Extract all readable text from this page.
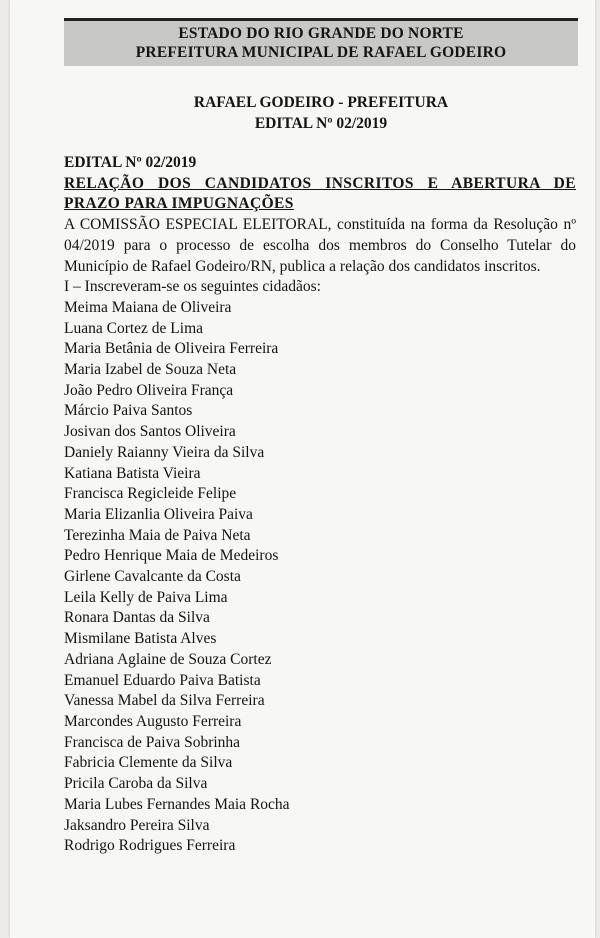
ESTADO DO RIO GRANDE DO NORTE
PREFEITURA MUNICIPAL DE RAFAEL GODEIRO
RAFAEL GODEIRO - PREFEITURA
EDITAL Nº 02/2019
EDITAL Nº 02/2019
RELAÇÃO DOS CANDIDATOS INSCRITOS E ABERTURA DE PRAZO PARA IMPUGNAÇÕES

A COMISSÃO ESPECIAL ELEITORAL, constituída na forma da Resolução nº 04/2019 para o processo de escolha dos membros do Conselho Tutelar do Município de Rafael Godeiro/RN, publica a relação dos candidatos inscritos.

I – Inscreveram-se os seguintes cidadãos:

Meima Maiana de Oliveira
Luana Cortez de Lima
Maria Betânia de Oliveira Ferreira
Maria Izabel de Souza Neta
João Pedro Oliveira França
Márcio Paiva Santos
Josivan dos Santos Oliveira
Daniely Raianny Vieira da Silva
Katiana Batista Vieira
Francisca Regicleide Felipe
Maria Elizanlia Oliveira Paiva
Terezinha Maia de Paiva Neta
Pedro Henrique Maia de Medeiros
Girlene Cavalcante da Costa
Leila Kelly de Paiva Lima
Ronara Dantas da Silva
Mismilane Batista Alves
Adriana Aglaine de Souza Cortez
Emanuel Eduardo Paiva Batista
Vanessa Mabel da Silva Ferreira
Marcondes Augusto Ferreira
Francisca de Paiva Sobrinha
Fabricia Clemente da Silva
Pricila Caroba da Silva
Maria Lubes Fernandes Maia Rocha
Jaksandro Pereira Silva
Rodrigo Rodrigues Ferreira
